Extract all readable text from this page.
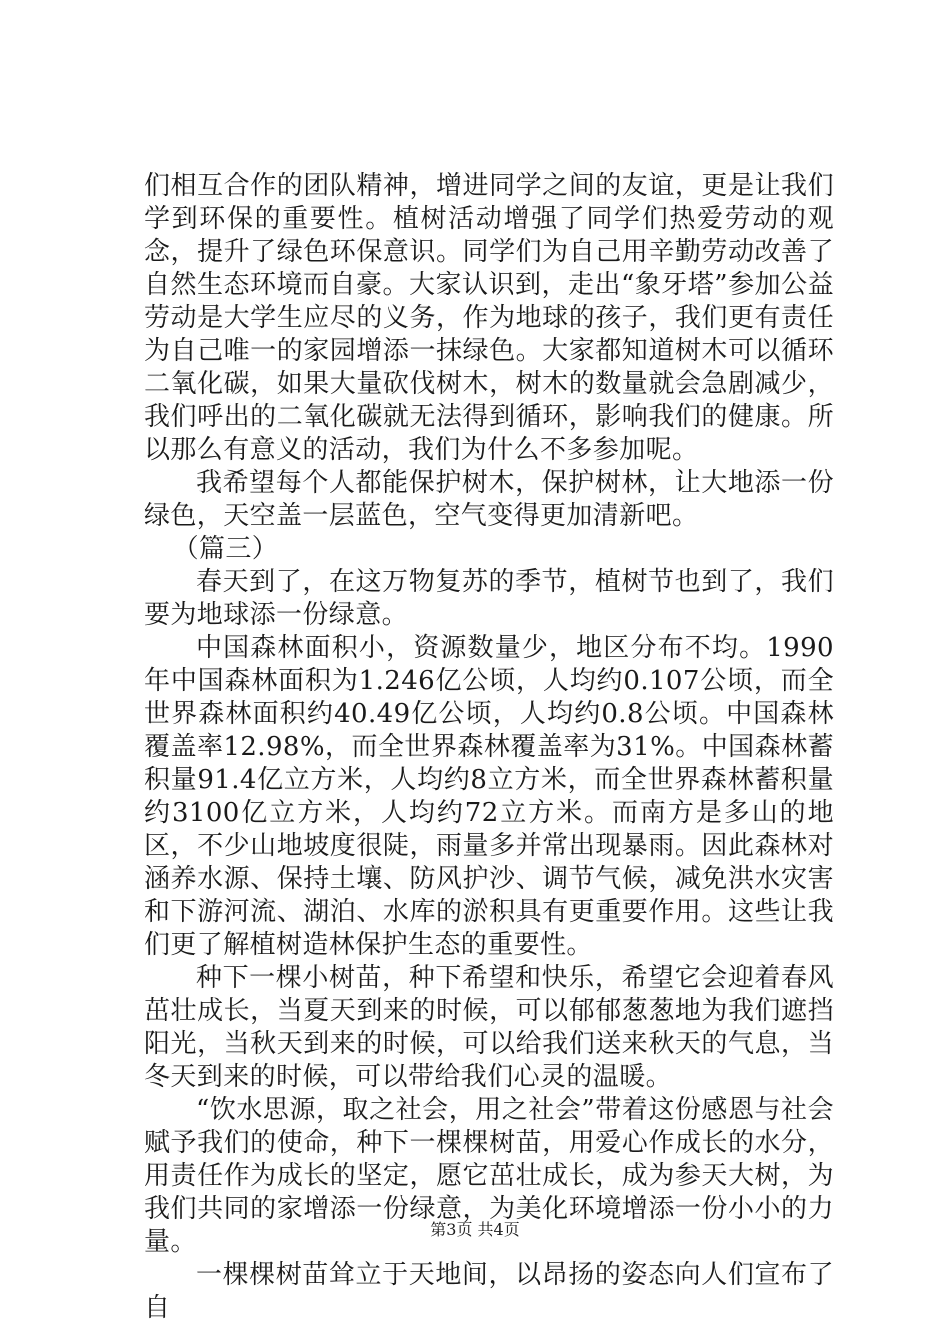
们相互合作的团队精神，增进同学之间的友谊，更是让我们学到环保的重要性。植树活动增强了同学们热爱劳动的观念，提升了绿色环保意识。同学们为自己用辛勤劳动改善了自然生态环境而自豪。大家认识到，走出“象牙塔”参加公益劳动是大学生应尽的义务，作为地球的孩子，我们更有责任为自己唯一的家园增添一抹绿色。大家都知道树木可以循环二氧化碳，如果大量砍伐树木，树木的数量就会急剧减少，我们呼出的二氧化碳就无法得到循环，影响我们的健康。所以那么有意义的活动，我们为什么不多参加呢。

我希望每个人都能保护树木，保护树林，让大地添一份绿色，天空盖一层蓝色，空气变得更加清新吧。

（篇三）

春天到了，在这万物复苏的季节，植树节也到了，我们要为地球添一份绿意。

中国森林面积小，资源数量少，地区分布不均。1990年中国森林面积为1.246亿公顷，人均约0.107公顷，而全世界森林面积约40.49亿公顷，人均约0.8公顷。中国森林覆盖率12.98%，而全世界森林覆盖率为31%。中国森林蓄积量91.4亿立方米，人均约8立方米，而全世界森林蓄积量约3100亿立方米，人均约72立方米。而南方是多山的地区，不少山地坡度很陡，雨量多并常出现暴雨。因此森林对涵养水源、保持土壤、防风护沙、调节气候，减免洪水灾害和下游河流、湖泊、水库的淤积具有更重要作用。这些让我们更了解植树造林保护生态的重要性。

种下一棵小树苗，种下希望和快乐，希望它会迎着春风茁壮成长，当夏天到来的时候，可以郁郁葱葱地为我们遮挡阳光，当秋天到来的时候，可以给我们送来秋天的气息，当冬天到来的时候，可以带给我们心灵的温暖。

“饮水思源，取之社会，用之社会”带着这份感恩与社会赋予我们的使命，种下一棵棵树苗，用爱心作成长的水分，用责任作为成长的坚定，愿它茁壮成长，成为参天大树，为我们共同的家增添一份绿意，为美化环境增添一份小小的力量。

一棵棵树苗耸立于天地间，以昂扬的姿态向人们宣布了自

第3页 共4页
